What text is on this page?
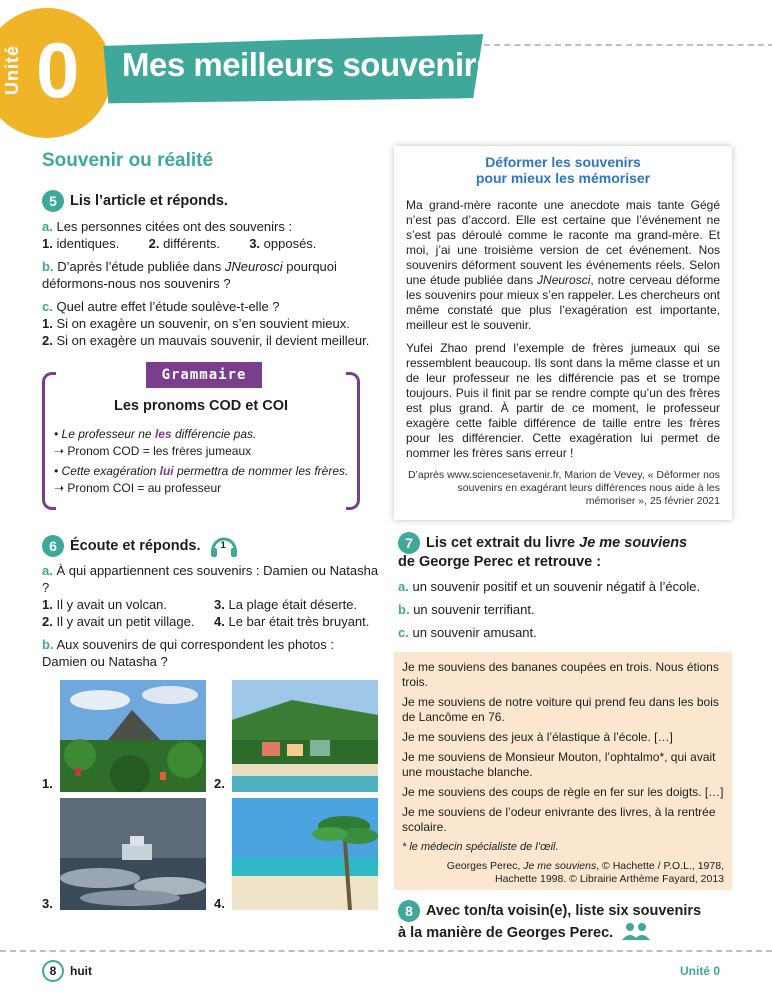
Unité 0 Mes meilleurs souvenirs
Souvenir ou réalité
5 Lis l’article et réponds.
a. Les personnes citées ont des souvenirs :
1. identiques. 2. différents. 3. opposés.
b. D’après l’étude publiée dans JNeurosci pourquoi
déformons-nous nos souvenirs ?
c. Quel autre effet l’étude soulève-t-elle ?
1. Si on exagère un souvenir, on s’en souvient mieux.
2. Si on exagère un mauvais souvenir, il devient meilleur.
Grammaire
Les pronoms COD et COI
• Le professeur ne les différencie pas.
➝ Pronom COD = les frères jumeaux
• Cette exagération lui permettra de nommer les frères.
➝ Pronom COI = au professeur
Déformer les souvenirs
pour mieux les mémoriser

Ma grand-mère raconte une anecdote mais tante Gégé n’est pas d’accord. Elle est certaine que l’événement ne s’est pas déroulé comme le raconte ma grand-mère. Et moi, j’ai une troisième version de cet événement. Nos souvenirs déforment souvent les événements réels. Selon une étude publiée dans JNeurosci, notre cerveau déforme les souvenirs pour mieux s’en rappeler. Les chercheurs ont même constaté que plus l’exagération est importante, meilleur est le souvenir.

Yufei Zhao prend l’exemple de frères jumeaux qui se ressemblent beaucoup. Ils sont dans la même classe et un de leur professeur ne les différencie pas et se trompe toujours. Puis il finit par se rendre compte qu’un des frères est plus grand. À partir de ce moment, le professeur exagère cette faible différence de taille entre les frères pour les différencier. Cette exagération lui permet de nommer les frères sans erreur !

D’après www.sciencesetavenir.fr, Marion de Vevey, « Déformer nos souvenirs en exagérant leurs différences nous aide à les mémoriser », 25 février 2021
6 Écoute et réponds. 1
a. À qui appartiennent ces souvenirs : Damien ou Natasha ?
1. Il y avait un volcan.	3. La plage était déserte.
2. Il y avait un petit village.	4. Le bar était très bruyant.
b. Aux souvenirs de qui correspondent les photos : Damien ou Natasha ?
1.	2.
3.	4.
7 Lis cet extrait du livre Je me souviens
de George Perec et retrouve :
a. un souvenir positif et un souvenir négatif à l’école.
b. un souvenir terrifiant.
c. un souvenir amusant.

Je me souviens des bananes coupées en trois. Nous étions trois.

Je me souviens de notre voiture qui prend feu dans les bois de Lancôme en 76.

Je me souviens des jeux à l’élastique à l’école. […]

Je me souviens de Monsieur Mouton, l’ophtalmo*, qui avait une moustache blanche.

Je me souviens des coups de règle en fer sur les doigts. […]

Je me souviens de l’odeur enivrante des livres, à la rentrée scolaire.

* le médecin spécialiste de l’œil.

Georges Perec, Je me souviens, © Hachette / P.O.L., 1978, Hachette 1998. © Librairie Arthème Fayard, 2013
8 Avec ton/ta voisin(e), liste six souvenirs
à la manière de Georges Perec.
8	huit	Unité 0
